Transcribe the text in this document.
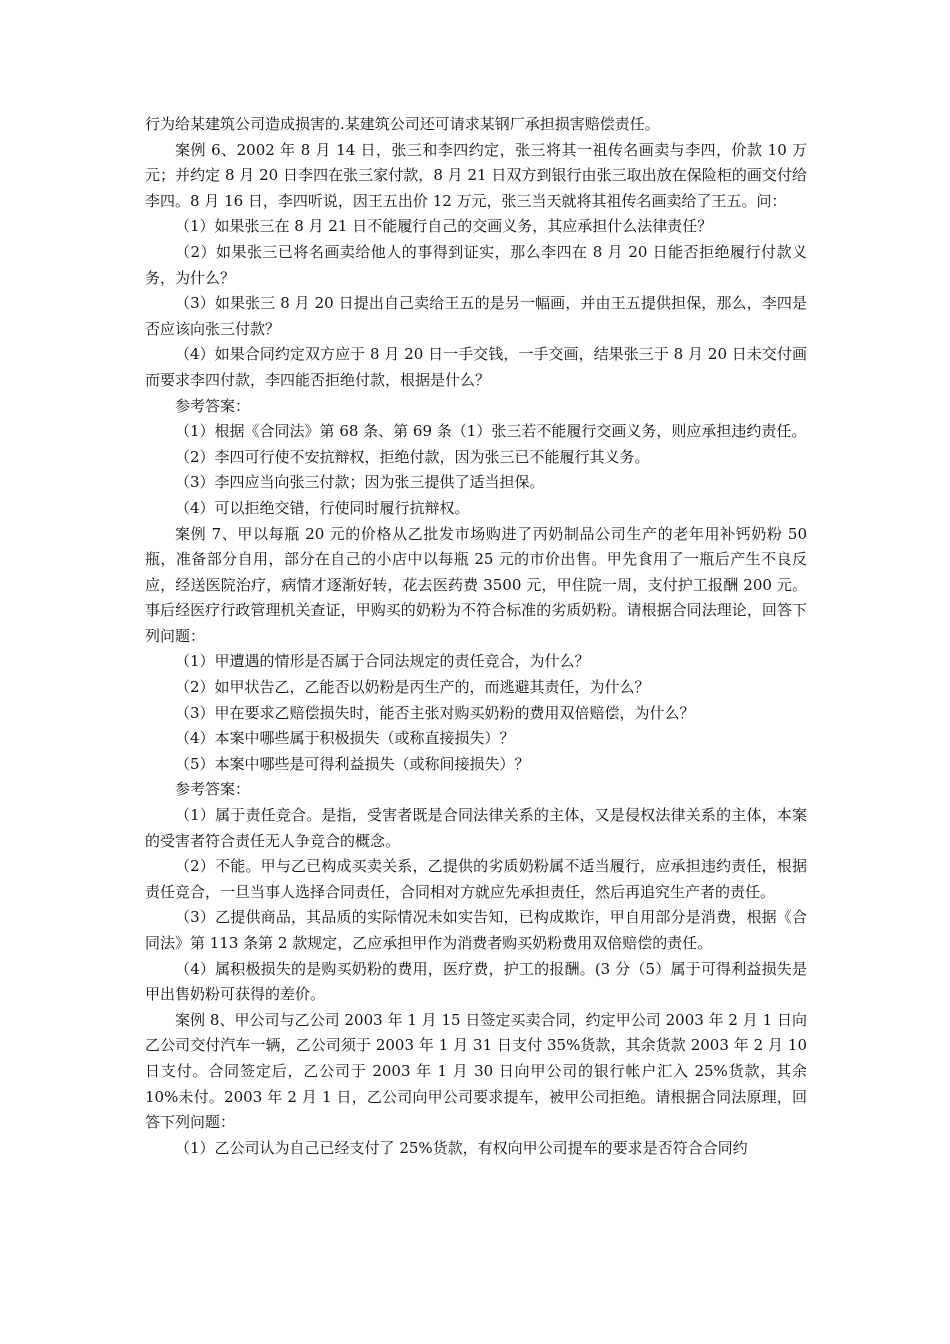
行为给某建筑公司造成损害的.某建筑公司还可请求某钢厂承担损害赔偿责任。

案例 6、2002 年 8 月 14 日，张三和李四约定，张三将其一祖传名画卖与李四，价款 10 万元；并约定 8 月 20 日李四在张三家付款，8 月 21 日双方到银行由张三取出放在保险柜的画交付给李四。8 月 16 日，李四听说，因王五出价 12 万元，张三当天就将其祖传名画卖给了王五。问：

（1）如果张三在 8 月 21 日不能履行自己的交画义务，其应承担什么法律责任？

（2）如果张三已将名画卖给他人的事得到证实，那么李四在 8 月 20 日能否拒绝履行付款义务，为什么？

（3）如果张三 8 月 20 日提出自己卖给王五的是另一幅画，并由王五提供担保，那么，李四是否应该向张三付款？

（4）如果合同约定双方应于 8 月 20 日一手交钱，一手交画，结果张三于 8 月 20 日未交付画而要求李四付款，李四能否拒绝付款，根据是什么？

参考答案：

（1）根据《合同法》第 68 条、第 69 条（1）张三若不能履行交画义务，则应承担违约责任。

（2）李四可行使不安抗辩权，拒绝付款，因为张三已不能履行其义务。

（3）李四应当向张三付款；因为张三提供了适当担保。

（4）可以拒绝交错，行使同时履行抗辩权。

案例 7、甲以每瓶 20 元的价格从乙批发市场购进了丙奶制品公司生产的老年用补钙奶粉 50 瓶，准备部分自用，部分在自己的小店中以每瓶 25 元的市价出售。甲先食用了一瓶后产生不良反应，经送医院治疗，病情才逐渐好转，花去医药费 3500 元，甲住院一周，支付护工报酬 200 元。事后经医疗行政管理机关查证，甲购买的奶粉为不符合标准的劣质奶粉。请根据合同法理论，回答下列问题：

（1）甲遭遇的情形是否属于合同法规定的责任竞合，为什么？

（2）如甲状告乙，乙能否以奶粉是丙生产的，而逃避其责任，为什么？

（3）甲在要求乙赔偿损失时，能否主张对购买奶粉的费用双倍赔偿，为什么？

（4）本案中哪些属于积极损失（或称直接损失）？

（5）本案中哪些是可得利益损失（或称间接损失）？

参考答案：

（1）属于责任竞合。是指，受害者既是合同法律关系的主体，又是侵权法律关系的主体，本案的受害者符合责任无人争竞合的概念。

（2）不能。甲与乙已构成买卖关系，乙提供的劣质奶粉属不适当履行，应承担违约责任，根据责任竞合，一旦当事人选择合同责任，合同相对方就应先承担责任，然后再追究生产者的责任。

（3）乙提供商品，其品质的实际情况未如实告知，已构成欺诈，甲自用部分是消费，根据《合同法》第 113 条第 2 款规定，乙应承担甲作为消费者购买奶粉费用双倍赔偿的责任。

（4）属积极损失的是购买奶粉的费用，医疗费，护工的报酬。(3 分（5）属于可得利益损失是甲出售奶粉可获得的差价。

案例 8、甲公司与乙公司 2003 年 1 月 15 日签定买卖合同，约定甲公司 2003 年 2 月 1 日向乙公司交付汽车一辆，乙公司须于 2003 年 1 月 31 日支付 35%货款，其余货款 2003 年 2 月 10 日支付。合同签定后，乙公司于 2003 年 1 月 30 日向甲公司的银行帐户汇入 25%货款，其余 10%未付。2003 年 2 月 1 日，乙公司向甲公司要求提车，被甲公司拒绝。请根据合同法原理，回答下列问题：

（1）乙公司认为自己已经支付了 25%货款，有权向甲公司提车的要求是否符合合同约
